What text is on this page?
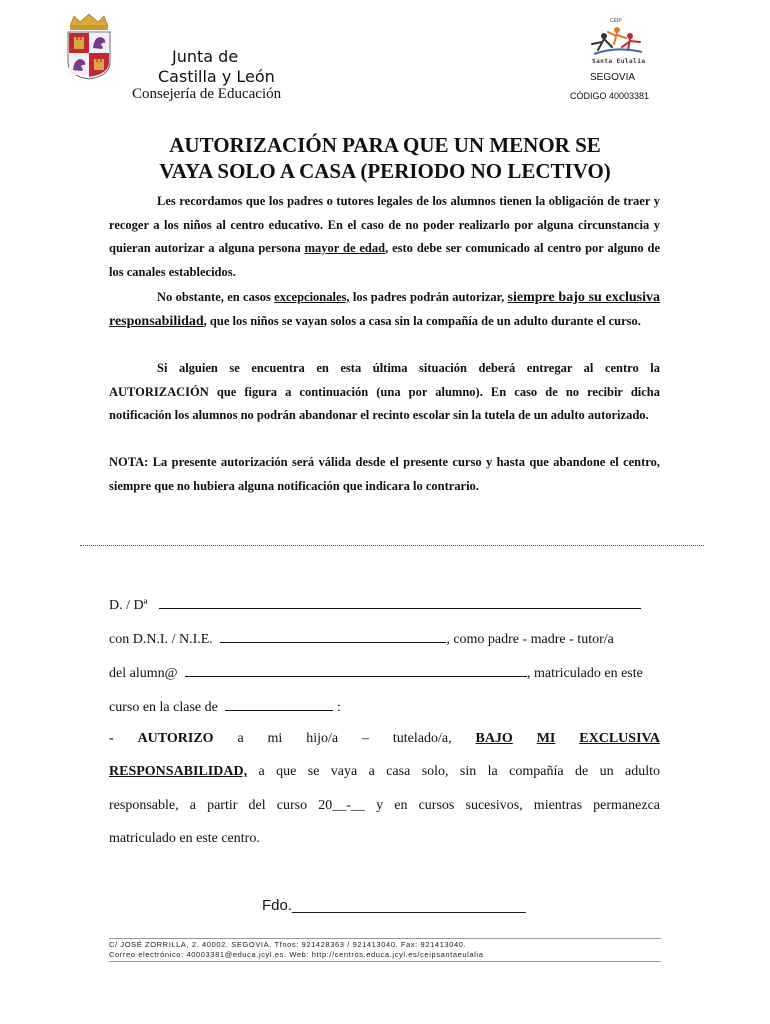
Junta de
Castilla y León
Consejería de Educación
CEIP
Santa Eulalia
SEGOVIA
CÓDIGO 40003381
AUTORIZACIÓN PARA QUE UN MENOR SE
VAYA SOLO A CASA (PERIODO NO LECTIVO)
Les recordamos que los padres o tutores legales de los alumnos tienen la obligación de traer y recoger a los niños al centro educativo. En el caso de no poder realizarlo por alguna circunstancia y quieran autorizar a alguna persona mayor de edad, esto debe ser comunicado al centro por alguno de los canales establecidos.
No obstante, en casos excepcionales, los padres podrán autorizar, siempre bajo su exclusiva responsabilidad, que los niños se vayan solos a casa sin la compañía de un adulto durante el curso.
Si alguien se encuentra en esta última situación deberá entregar al centro la AUTORIZACIÓN que figura a continuación (una por alumno). En caso de no recibir dicha notificación los alumnos no podrán abandonar el recinto escolar sin la tutela de un adulto autorizado.
NOTA: La presente autorización será válida desde el presente curso y hasta que abandone el centro, siempre que no hubiera alguna notificación que indicara lo contrario.
D. / Dª
con D.N.I. / N.I.E.	, como padre - madre - tutor/a
del alumn@	, matriculado en este
curso en la clase de	:
- AUTORIZO a mi hijo/a – tutelado/a, BAJO MI EXCLUSIVA
RESPONSABILIDAD, a que se vaya a casa solo, sin la compañía de un adulto
responsable, a partir del curso 20__-__ y en cursos sucesivos, mientras permanezca
matriculado en este centro.
Fdo.____________________________
C/ JOSÉ ZORRILLA, 2. 40002. SEGOVIA. Tfnos: 921428363 / 921413040. Fax: 921413040.
Correo electrónico: 40003381@educa.jcyl.es. Web: http://centros.educa.jcyl.es/ceipsantaeulalia
